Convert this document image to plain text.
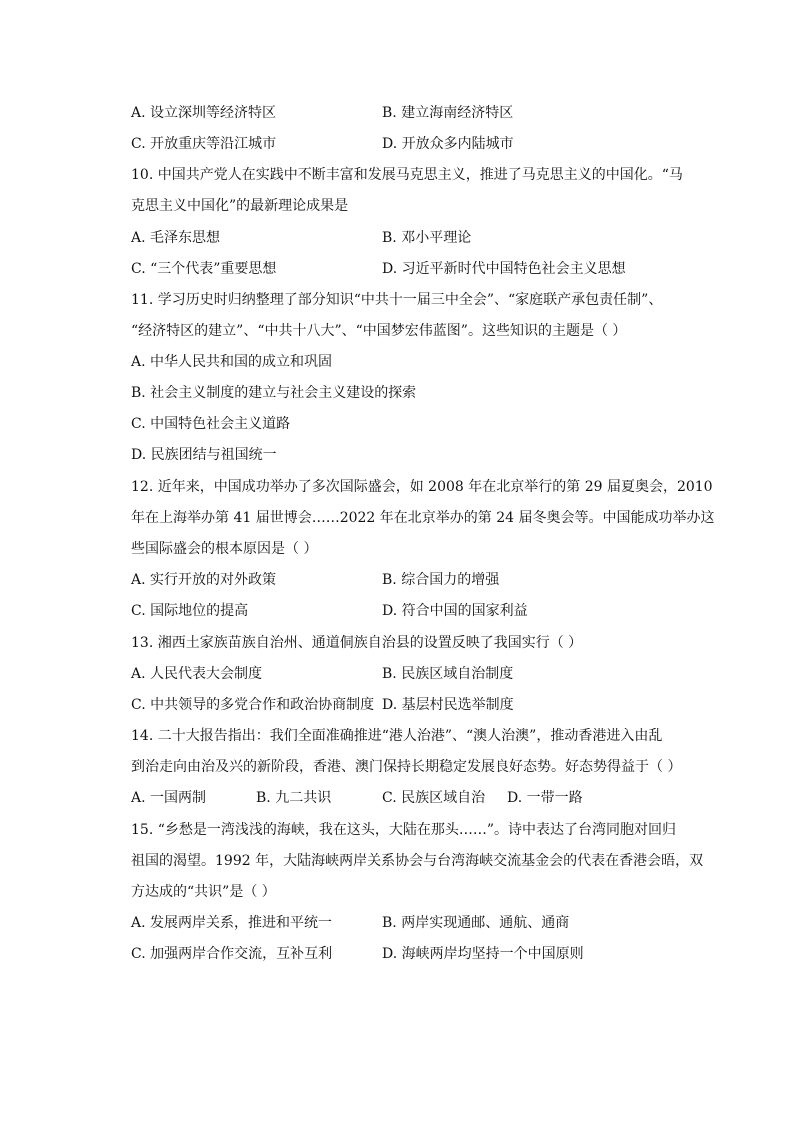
A. 设立深圳等经济特区	B. 建立海南经济特区
C. 开放重庆等沿江城市	D. 开放众多内陆城市
10. 中国共产党人在实践中不断丰富和发展马克思主义，推进了马克思主义的中国化。“马
克思主义中国化”的最新理论成果是
A. 毛泽东思想	B. 邓小平理论
C. “三个代表”重要思想	D. 习近平新时代中国特色社会主义思想
11. 学习历史时归纳整理了部分知识“中共十一届三中全会”、“家庭联产承包责任制”、
“经济特区的建立”、“中共十八大”、“中国梦宏伟蓝图”。这些知识的主题是（ ）
A. 中华人民共和国的成立和巩固
B. 社会主义制度的建立与社会主义建设的探索
C. 中国特色社会主义道路
D. 民族团结与祖国统一
12. 近年来，中国成功举办了多次国际盛会，如 2008 年在北京举行的第 29 届夏奥会，2010
年在上海举办第 41 届世博会……2022 年在北京举办的第 24 届冬奥会等。中国能成功举办这
些国际盛会的根本原因是（ ）
A. 实行开放的对外政策	B. 综合国力的增强
C. 国际地位的提高	D. 符合中国的国家利益
13. 湘西土家族苗族自治州、通道侗族自治县的设置反映了我国实行（ ）
A. 人民代表大会制度	B. 民族区域自治制度
C. 中共领导的多党合作和政治协商制度 D. 基层村民选举制度
14. 二十大报告指出：我们全面准确推进“港人治港”、“澳人治澳”，推动香港进入由乱
到治走向由治及兴的新阶段，香港、澳门保持长期稳定发展良好态势。好态势得益于（ ）
A. 一国两制	B. 九二共识	C. 民族区域自治 D. 一带一路
15. “乡愁是一湾浅浅的海峡，我在这头，大陆在那头……”。诗中表达了台湾同胞对回归
祖国的渴望。1992 年，大陆海峡两岸关系协会与台湾海峡交流基金会的代表在香港会晤，双
方达成的“共识”是（ ）
A. 发展两岸关系，推进和平统一	B. 两岸实现通邮、通航、通商
C. 加强两岸合作交流，互补互利	D. 海峡两岸均坚持一个中国原则
